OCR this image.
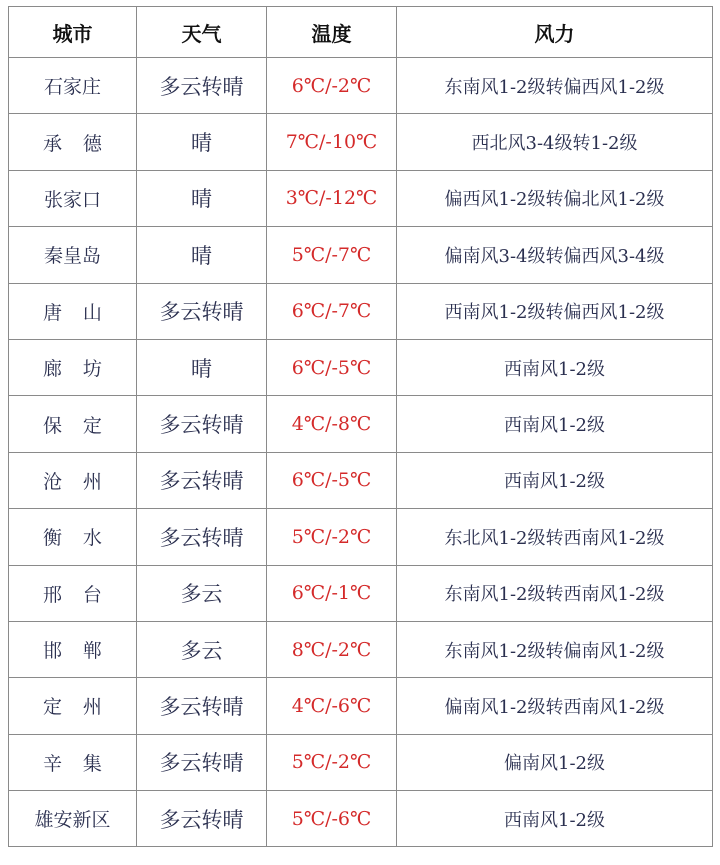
城市	天气	温度	风力
石家庄	多云转晴	6℃/-2℃	东南风1-2级转偏西风1-2级
承德	晴	7℃/-10℃	西北风3-4级转1-2级
张家口	晴	3℃/-12℃	偏西风1-2级转偏北风1-2级
秦皇岛	晴	5℃/-7℃	偏南风3-4级转偏西风3-4级
唐山	多云转晴	6℃/-7℃	西南风1-2级转偏西风1-2级
廊坊	晴	6℃/-5℃	西南风1-2级
保定	多云转晴	4℃/-8℃	西南风1-2级
沧州	多云转晴	6℃/-5℃	西南风1-2级
衡水	多云转晴	5℃/-2℃	东北风1-2级转西南风1-2级
邢台	多云	6℃/-1℃	东南风1-2级转西南风1-2级
邯郸	多云	8℃/-2℃	东南风1-2级转偏南风1-2级
定州	多云转晴	4℃/-6℃	偏南风1-2级转西南风1-2级
辛集	多云转晴	5℃/-2℃	偏南风1-2级
雄安新区	多云转晴	5℃/-6℃	西南风1-2级
